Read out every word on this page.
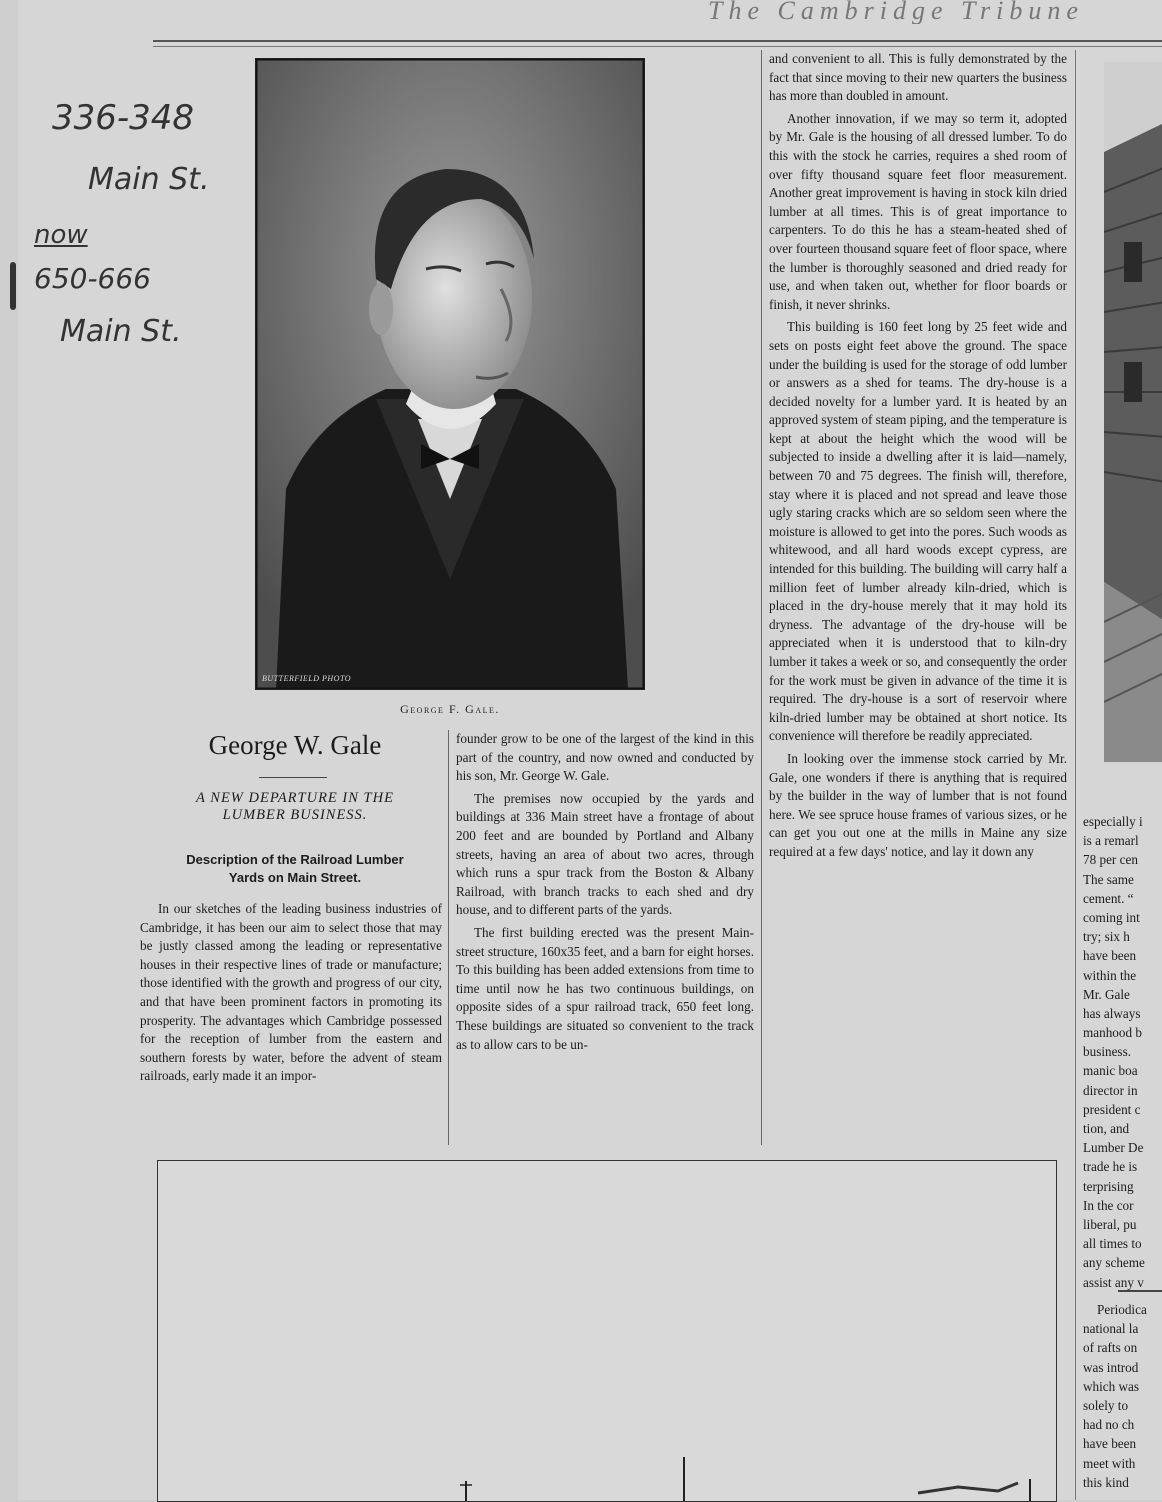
The Cambridge Tribune
336-348
Main St.
now
650-666
Main St.
BUTTERFIELD PHOTO
George F. Gale.
George W. Gale
A NEW DEPARTURE IN THE
LUMBER BUSINESS.
Description of the Railroad Lumber
Yards on Main Street.

In our sketches of the leading business industries of Cambridge, it has been our aim to select those that may be justly classed among the leading or representative houses in their respective lines of trade or manufacture; those identified with the growth and progress of our city, and that have been prominent factors in promoting its prosperity. The advantages which Cambridge possessed for the reception of lumber from the eastern and southern forests by water, before the advent of steam railroads, early made it an impor-

founder grow to be one of the largest of the kind in this part of the country, and now owned and conducted by his son, Mr. George W. Gale.

The premises now occupied by the yards and buildings at 336 Main street have a frontage of about 200 feet and are bounded by Portland and Albany streets, having an area of about two acres, through which runs a spur track from the Boston & Albany Railroad, with branch tracks to each shed and dry house, and to different parts of the yards.

The first building erected was the present Main-street structure, 160x35 feet, and a barn for eight horses. To this building has been added extensions from time to time until now he has two continuous buildings, on opposite sides of a spur railroad track, 650 feet long. These buildings are situated so convenient to the track as to allow cars to be un-

and convenient to all. This is fully demonstrated by the fact that since moving to their new quarters the business has more than doubled in amount.

Another innovation, if we may so term it, adopted by Mr. Gale is the housing of all dressed lumber. To do this with the stock he carries, requires a shed room of over fifty thousand square feet floor measurement. Another great improvement is having in stock kiln dried lumber at all times. This is of great importance to carpenters. To do this he has a steam-heated shed of over fourteen thousand square feet of floor space, where the lumber is thoroughly seasoned and dried ready for use, and when taken out, whether for floor boards or finish, it never shrinks.

This building is 160 feet long by 25 feet wide and sets on posts eight feet above the ground. The space under the building is used for the storage of odd lumber or answers as a shed for teams. The dry-house is a decided novelty for a lumber yard. It is heated by an approved system of steam piping, and the temperature is kept at about the height which the wood will be subjected to inside a dwelling after it is laid—namely, between 70 and 75 degrees. The finish will, therefore, stay where it is placed and not spread and leave those ugly staring cracks which are so seldom seen where the moisture is allowed to get into the pores. Such woods as whitewood, and all hard woods except cypress, are intended for this building. The building will carry half a million feet of lumber already kiln-dried, which is placed in the dry-house merely that it may hold its dryness. The advantage of the dry-house will be appreciated when it is understood that to kiln-dry lumber it takes a week or so, and consequently the order for the work must be given in advance of the time it is required. The dry-house is a sort of reservoir where kiln-dried lumber may be obtained at short notice. Its convenience will therefore be readily appreciated.

In looking over the immense stock carried by Mr. Gale, one wonders if there is anything that is required by the builder in the way of lumber that is not found here. We see spruce house frames of various sizes, or he can get you out one at the mills in Maine any size required at a few days' notice, and lay it down any

especially i
is a remarl
78 per cen
The same
cement. “
coming int
try; six h
have been
within the
Mr. Gale
has always
manhood b
business.
manic boa
director in
president c
tion, and
Lumber De
trade he is
terprising
In the cor
liberal, pu
all times to
any scheme
assist any v
Periodica
national la
of rafts on
was introd
which was
solely to
had no ch
have been
meet with
this kind
